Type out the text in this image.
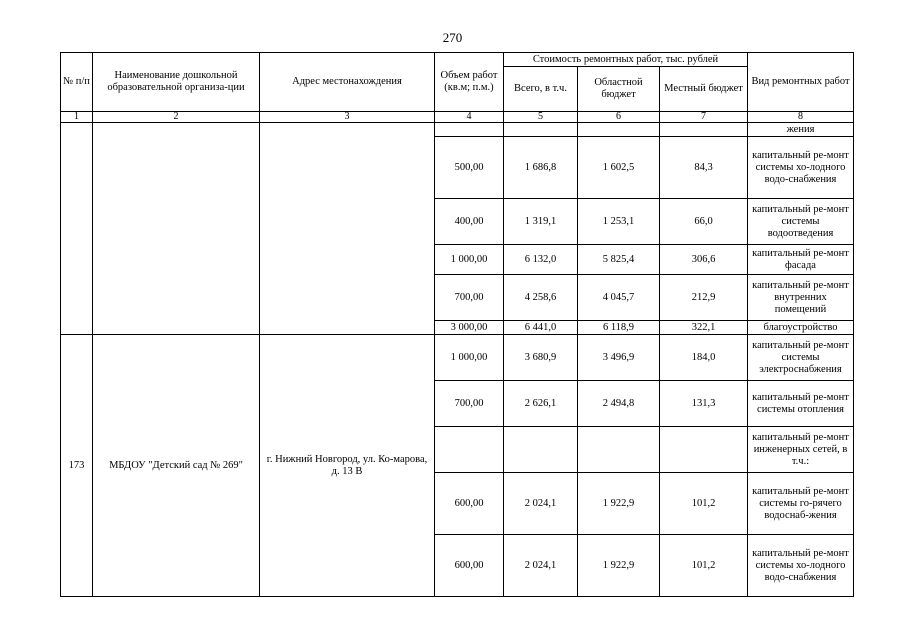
270
№ п/п	Наименование дошкольной образовательной организа-ции	Адрес местонахождения	Объем работ (кв.м; п.м.)	Стоимость ремонтных работ, тыс. рублей			Вид ремонтных работ
				Всего, в т.ч.	Областной бюджет	Местный бюджет	
1	2	3	4	5	6	7	8
							жения
			500,00	1 686,8	1 602,5	84,3	капитальный ре-монт системы хо-лодного водо-снабжения
			400,00	1 319,1	1 253,1	66,0	капитальный ре-монт системы водоотведения
			1 000,00	6 132,0	5 825,4	306,6	капитальный ре-монт фасада
			700,00	4 258,6	4 045,7	212,9	капитальный ре-монт внутренних помещений
			3 000,00	6 441,0	6 118,9	322,1	благоустройство
173	МБДОУ "Детский сад № 269"	г. Нижний Новгород, ул. Ко-марова, д. 13 В	1 000,00	3 680,9	3 496,9	184,0	капитальный ре-монт системы электроснабжения
			700,00	2 626,1	2 494,8	131,3	капитальный ре-монт системы отопления
							капитальный ре-монт инженерных сетей, в т.ч.:
			600,00	2 024,1	1 922,9	101,2	капитальный ре-монт системы го-рячего водоснаб-жения
			600,00	2 024,1	1 922,9	101,2	капитальный ре-монт системы хо-лодного водо-снабжения
